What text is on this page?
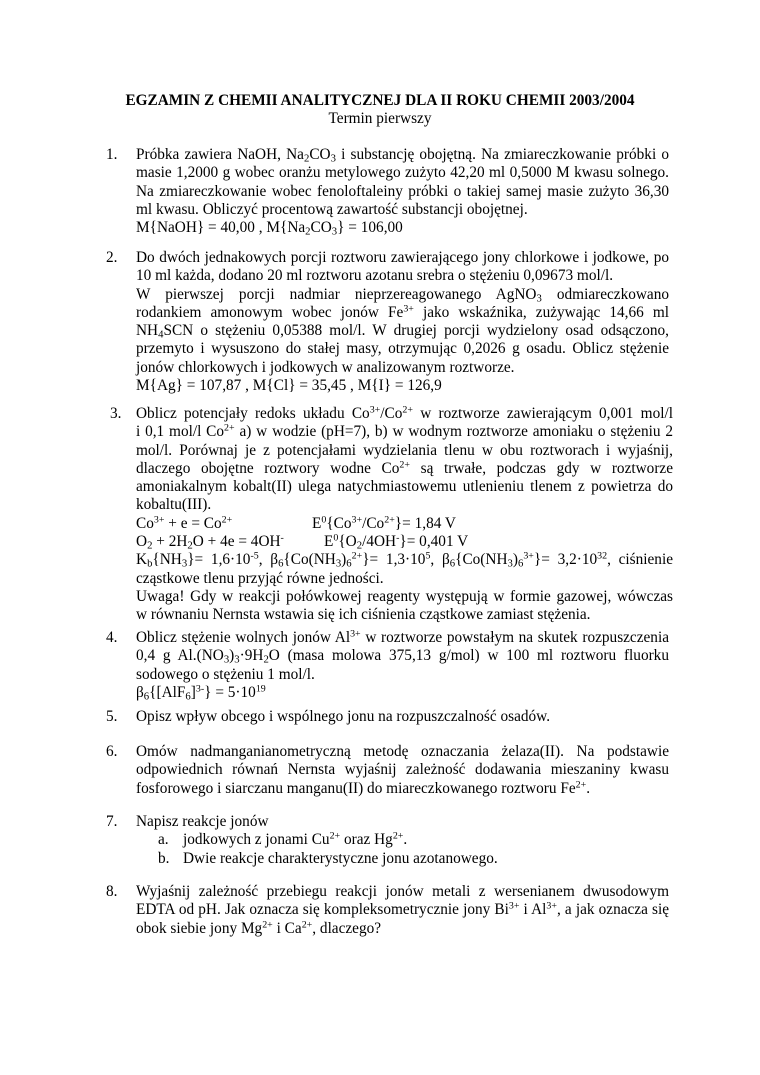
EGZAMIN Z CHEMII ANALITYCZNEJ DLA II ROKU CHEMII 2003/2004
Termin pierwszy
1.	Próbka zawiera NaOH, $Na_2CO_3$ i substancję obojętną. Na zmiareczkowanie próbki o
masie 1,2000 g wobec oranżu metylowego zużyto 42,20 ml 0,5000 M kwasu solnego.
Na zmiareczkowanie wobec fenoloftaleiny próbki o takiej samej masie zużyto 36,30
ml kwasu. Obliczyć procentową zawartość substancji obojętnej.
M{NaOH} = 40,00 , $M\{Na_2CO_3\} = 106,00$
2.	Do dwóch jednakowych porcji roztworu zawierającego jony chlorkowe i jodkowe, po
10 ml każda, dodano 20 ml roztworu azotanu srebra o stężeniu 0,09673 mol/l.
W pierwszej porcji nadmiar nieprzereagowanego AgNO$_3$ odmiareczkowano
rodankiem amonowym wobec jonów $Fe^{3+}$ jako wskaźnika, zużywając 14,66 ml
$NH_4SCN$ o stężeniu 0,05388 mol/l. W drugiej porcji wydzielony osad odsączono,
przemyto i wysuszono do stałej masy, otrzymując 0,2026 g osadu. Oblicz stężenie
jonów chlorkowych i jodkowych w analizowanym roztworze.
M{Ag} = 107,87 , M{Cl} = 35,45 , M{I} = 126,9
3. Oblicz potencjały redoks układu $Co^{3+}/Co^{2+}$ w roztworze zawierającym 0,001 mol/l
i 0,1 mol/l $Co^{2+}$ a) w wodzie (pH=7), b) w wodnym roztworze amoniaku o stężeniu 2
mol/l. Porównaj je z potencjałami wydzielania tlenu w obu roztworach i wyjaśnij,
dlaczego obojętne roztwory wodne $Co^{2+}$ są trwałe, podczas gdy w roztworze
amoniakalnym kobalt(II) ulega natychmiastowemu utlenieniu tlenem z powietrza do
kobaltu(III).
$Co^{3+} + e = Co^{2+}$	$E^0\{Co^{3+}/Co^{2+}\}= 1,84$ V
$O_2 + 2H_2O + 4e = 4OH^-$	$E^0\{O_2/4OH^-\}= 0,401$ V
$K_b\{NH_3\}= 1,6\cdot 10^{-5}$, $\beta_6\{Co(NH_3)_6^{2+}\}= 1,3\cdot 10^5$, $\beta_6\{Co(NH_3)_6^{3+}\}= 3,2\cdot 10^{32}$, ciśnienie
cząstkowe tlenu przyjąć równe jedności.
Uwaga! Gdy w reakcji połówkowej reagenty występują w formie gazowej, wówczas
w równaniu Nernsta wstawia się ich ciśnienia cząstkowe zamiast stężenia.
4.	Oblicz stężenie wolnych jonów $Al^{3+}$ w roztworze powstałym na skutek rozpuszczenia
0,4 g $Al.(NO_3)_3\cdot 9H_2O$ (masa molowa 375,13 g/mol) w 100 ml roztworu fluorku
sodowego o stężeniu 1 mol/l.
$\beta_6\{[AlF_6]^{3-}\} = 5\cdot 10^{19}$
5.	Opisz wpływ obcego i wspólnego jonu na rozpuszczalność osadów.
6.	Omów nadmanganianometryczną metodę oznaczania żelaza(II). Na podstawie
odpowiednich równań Nernsta wyjaśnij zależność dodawania mieszaniny kwasu
fosforowego i siarczanu manganu(II) do miareczkowanego roztworu $Fe^{2+}$.
7.	Napisz reakcje jonów
a. jodkowych z jonami $Cu^{2+}$ oraz $Hg^{2+}$.
b. Dwie reakcje charakterystyczne jonu azotanowego.
8.	Wyjaśnij zależność przebiegu reakcji jonów metali z wersenianem dwusodowym
EDTA od pH. Jak oznacza się kompleksometrycznie jony $Bi^{3+}$ i $Al^{3+}$, a jak oznacza się
obok siebie jony $Mg^{2+}$ i $Ca^{2+}$, dlaczego?
